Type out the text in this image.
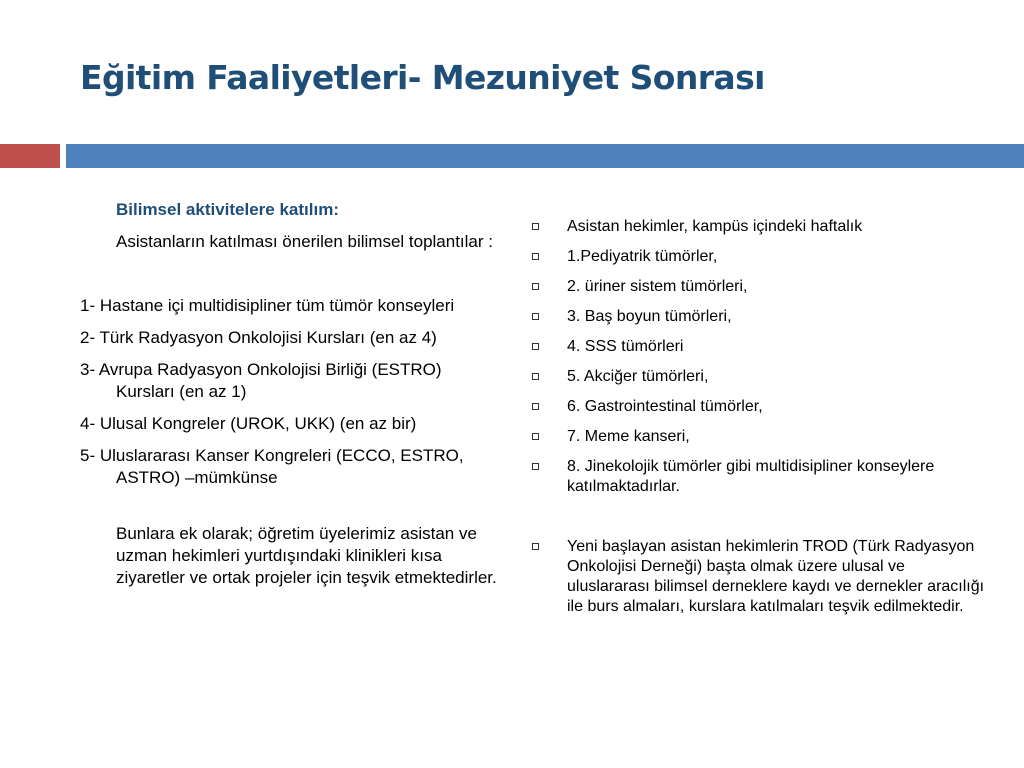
Eğitim Faaliyetleri- Mezuniyet Sonrası

Bilimsel aktivitelere katılım:

Asistanların katılması önerilen bilimsel toplantılar :

1- Hastane içi multidisipliner tüm tümör konseyleri

2- Türk Radyasyon Onkolojisi Kursları (en az 4)

3- Avrupa Radyasyon Onkolojisi Birliği (ESTRO) Kursları (en az 1)

4- Ulusal Kongreler (UROK, UKK) (en az bir)

5- Uluslararası Kanser Kongreleri (ECCO, ESTRO, ASTRO) –mümkünse

Bunlara ek olarak; öğretim üyelerimiz asistan ve uzman hekimleri yurtdışındaki klinikleri kısa ziyaretler ve ortak projeler için teşvik etmektedirler.

Asistan hekimler, kampüs içindeki haftalık
1.Pediyatrik tümörler,
2. üriner sistem tümörleri,
3. Baş boyun tümörleri,
4. SSS tümörleri
5. Akciğer tümörleri,
6. Gastrointestinal tümörler,
7. Meme kanseri,
8. Jinekolojik tümörler gibi multidisipliner konseylere katılmaktadırlar.
Yeni başlayan asistan hekimlerin TROD (Türk Radyasyon Onkolojisi Derneği) başta olmak üzere ulusal ve uluslararası bilimsel derneklere kaydı ve dernekler aracılığı ile burs almaları, kurslara katılmaları teşvik edilmektedir.
